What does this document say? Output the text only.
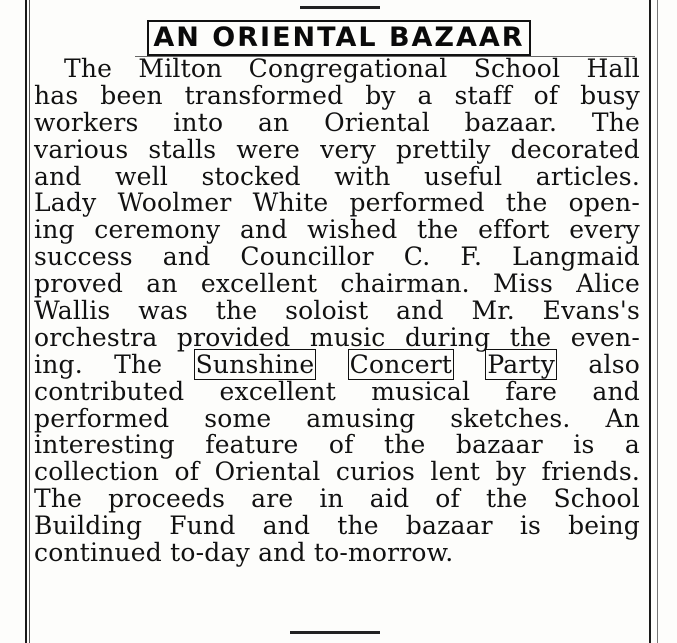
AN ORIENTAL BAZAAR
The Milton Congregational School Hall
has been transformed by a staff of busy
workers into an Oriental bazaar. The
various stalls were very prettily decorated
and well stocked with useful articles.
Lady Woolmer White performed the open-
ing ceremony and wished the effort every
success and Councillor C. F. Langmaid
proved an excellent chairman. Miss Alice
Wallis was the soloist and Mr. Evans's
orchestra provided music during the even-
ing. The Sunshine Concert Party also
contributed excellent musical fare and
performed some amusing sketches. An
interesting feature of the bazaar is a
collection of Oriental curios lent by friends.
The proceeds are in aid of the School
Building Fund and the bazaar is being
continued to-day and to-morrow.
